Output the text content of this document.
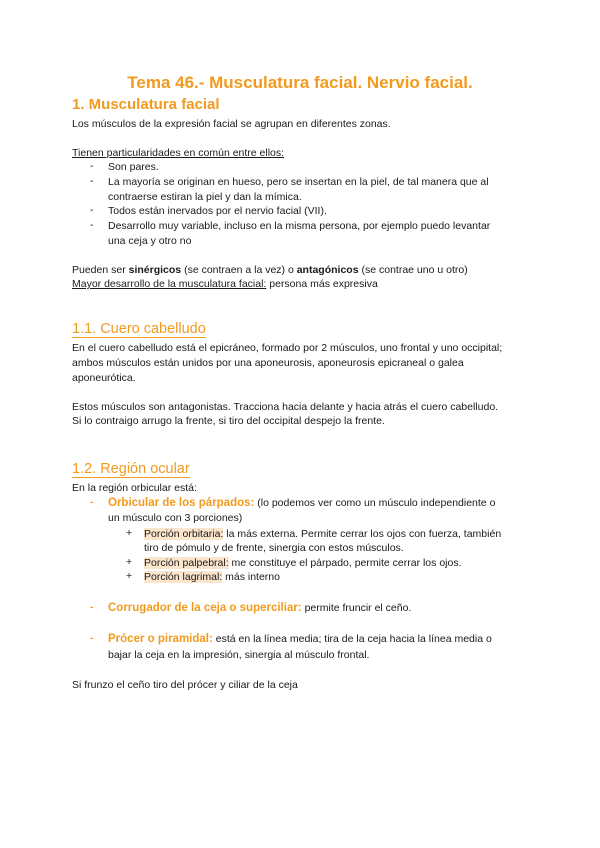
Tema 46.- Musculatura facial. Nervio facial.
1. Musculatura facial
Los músculos de la expresión facial se agrupan en diferentes zonas.
Tienen particularidades en común entre ellos:
- Son pares.
- La mayoría se originan en hueso, pero se insertan en la piel, de tal manera que al
contraerse estiran la piel y dan la mímica.
- Todos están inervados por el nervio facial (VII).
- Desarrollo muy variable, incluso en la misma persona, por ejemplo puedo levantar
una ceja y otro no
Pueden ser sinérgicos (se contraen a la vez) o antagónicos (se contrae uno u otro)
Mayor desarrollo de la musculatura facial: persona más expresiva
1.1. Cuero cabelludo
En el cuero cabelludo está el epicráneo, formado por 2 músculos, uno frontal y uno occipital;
ambos músculos están unidos por una aponeurosis, aponeurosis epicraneal o galea
aponeurótica.
Estos músculos son antagonistas. Tracciona hacia delante y hacia atrás el cuero cabelludo.
Si lo contraigo arrugo la frente, si tiro del occipital despejo la frente.
1.2. Región ocular
En la región orbicular está:
- Orbicular de los párpados: (lo podemos ver como un músculo independiente o
un músculo con 3 porciones)
+ Porción orbitaria: la más externa. Permite cerrar los ojos con fuerza, también
tiro de pómulo y de frente, sinergia con estos músculos.
+ Porción palpebral: me constituye el párpado, permite cerrar los ojos.
+ Porción lagrimal: más interno
- Corrugador de la ceja o superciliar: permite fruncir el ceño.
- Prócer o piramidal: está en la línea media; tira de la ceja hacia la línea media o
bajar la ceja en la impresión, sinergia al músculo frontal.
Si frunzo el ceño tiro del prócer y ciliar de la ceja
